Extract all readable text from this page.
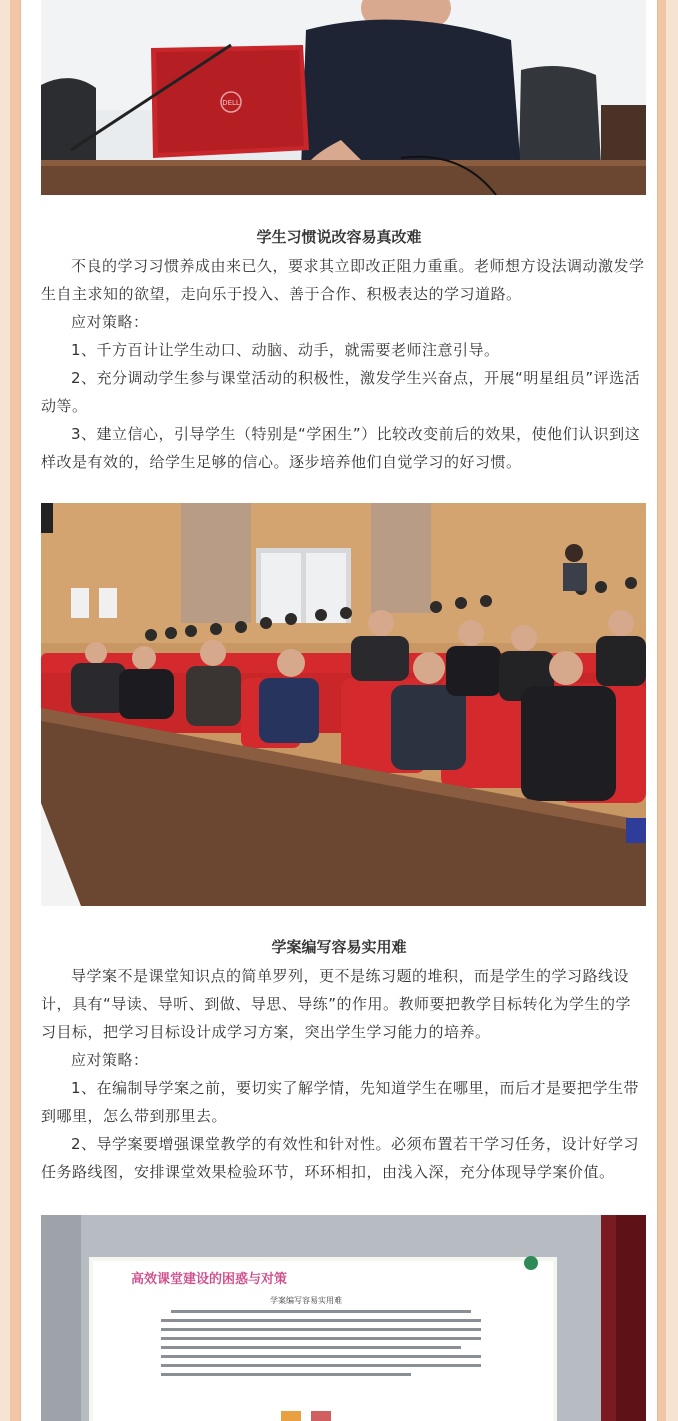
DELL
学生习惯说改容易真改难
不良的学习习惯养成由来已久，要求其立即改正阻力重重。老师想方设法调动激发学生自主求知的欲望，走向乐于投入、善于合作、积极表达的学习道路。
应对策略：
1、千方百计让学生动口、动脑、动手，就需要老师注意引导。
2、充分调动学生参与课堂活动的积极性，激发学生兴奋点，开展“明星组员”评选活动等。
3、建立信心，引导学生（特别是“学困生”）比较改变前后的效果，使他们认识到这样改是有效的，给学生足够的信心。逐步培养他们自觉学习的好习惯。
学案编写容易实用难
导学案不是课堂知识点的简单罗列，更不是练习题的堆积，而是学生的学习路线设计，具有“导读、导听、到做、导思、导练”的作用。教师要把教学目标转化为学生的学习目标，把学习目标设计成学习方案，突出学生学习能力的培养。
应对策略：
1、在编制导学案之前，要切实了解学情，先知道学生在哪里，而后才是要把学生带到哪里，怎么带到那里去。
2、导学案要增强课堂教学的有效性和针对性。必须布置若干学习任务，设计好学习任务路线图，安排课堂效果检验环节，环环相扣，由浅入深，充分体现导学案价值。
高效课堂建设的困惑与对策
学案编写容易实用难
